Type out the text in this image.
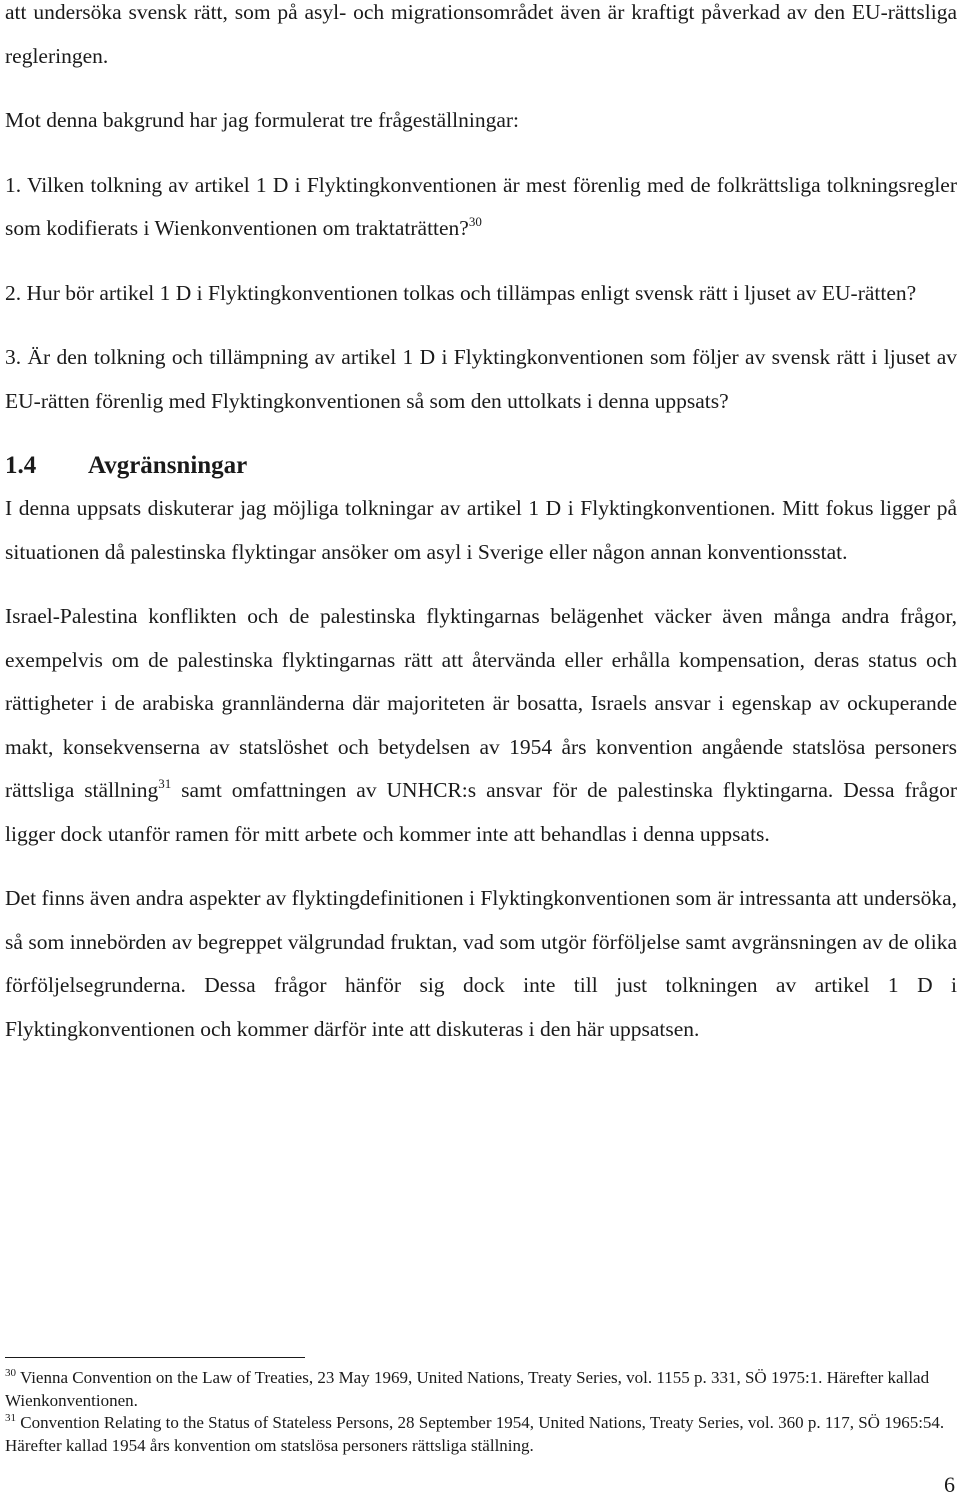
att undersöka svensk rätt, som på asyl- och migrationsområdet även är kraftigt påverkad av den EU-rättsliga regleringen.

Mot denna bakgrund har jag formulerat tre frågeställningar:

1. Vilken tolkning av artikel 1 D i Flyktingkonventionen är mest förenlig med de folkrättsliga tolkningsregler som kodifierats i Wienkonventionen om traktaträtten?$^{30}$

2. Hur bör artikel 1 D i Flyktingkonventionen tolkas och tillämpas enligt svensk rätt i ljuset av EU-rätten?

3. Är den tolkning och tillämpning av artikel 1 D i Flyktingkonventionen som följer av svensk rätt i ljuset av EU-rätten förenlig med Flyktingkonventionen så som den uttolkats i denna uppsats?

1.4 Avgränsningar

I denna uppsats diskuterar jag möjliga tolkningar av artikel 1 D i Flyktingkonventionen. Mitt fokus ligger på situationen då palestinska flyktingar ansöker om asyl i Sverige eller någon annan konventionsstat.

Israel-Palestina konflikten och de palestinska flyktingarnas belägenhet väcker även många andra frågor, exempelvis om de palestinska flyktingarnas rätt att återvända eller erhålla kompensation, deras status och rättigheter i de arabiska grannländerna där majoriteten är bosatta, Israels ansvar i egenskap av ockuperande makt, konsekvenserna av statslöshet och betydelsen av 1954 års konvention angående statslösa personers rättsliga ställning$^{31}$ samt omfattningen av UNHCR:s ansvar för de palestinska flyktingarna. Dessa frågor ligger dock utanför ramen för mitt arbete och kommer inte att behandlas i denna uppsats.

Det finns även andra aspekter av flyktingdefinitionen i Flyktingkonventionen som är intressanta att undersöka, så som innebörden av begreppet välgrundad fruktan, vad som utgör förföljelse samt avgränsningen av de olika förföljelsegrunderna. Dessa frågor hänför sig dock inte till just tolkningen av artikel 1 D i Flyktingkonventionen och kommer därför inte att diskuteras i den här uppsatsen.

$^{30}$ Vienna Convention on the Law of Treaties, 23 May 1969, United Nations, Treaty Series, vol. 1155 p. 331, SÖ 1975:1. Härefter kallad Wienkonventionen.

$^{31}$ Convention Relating to the Status of Stateless Persons, 28 September 1954, United Nations, Treaty Series, vol. 360 p. 117, SÖ 1965:54. Härefter kallad 1954 års konvention om statslösa personers rättsliga ställning.

6
